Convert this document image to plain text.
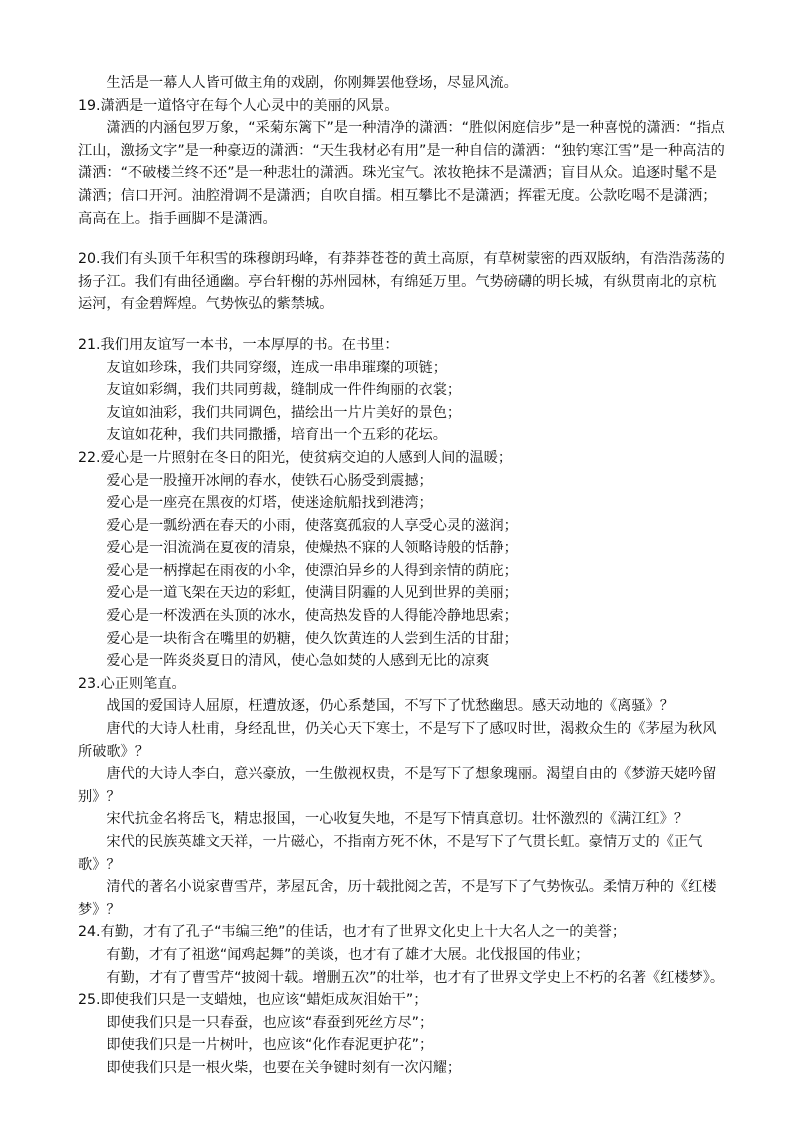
生活是一幕人人皆可做主角的戏剧，你刚舞罢他登场，尽显风流。

19.潇洒是一道恪守在每个人心灵中的美丽的风景。

潇洒的内涵包罗万象，“采菊东篱下”是一种清净的潇洒：“胜似闲庭信步”是一种喜悦的潇洒：“指点江山，激扬文字”是一种豪迈的潇洒：“天生我材必有用”是一种自信的潇洒：“独钓寒江雪”是一种高洁的潇洒：“不破楼兰终不还”是一种悲壮的潇洒。珠光宝气。浓妆艳抹不是潇洒；盲目从众。追逐时髦不是潇洒；信口开河。油腔滑调不是潇洒；自吹自擂。相互攀比不是潇洒；挥霍无度。公款吃喝不是潇洒；高高在上。指手画脚不是潇洒。

20.我们有头顶千年积雪的珠穆朗玛峰，有莽莽苍苍的黄土高原，有草树蒙密的西双版纳，有浩浩荡荡的扬子江。我们有曲径通幽。亭台轩榭的苏州园林，有绵延万里。气势磅礴的明长城，有纵贯南北的京杭运河，有金碧辉煌。气势恢弘的紫禁城。

21.我们用友谊写一本书，一本厚厚的书。在书里：

友谊如珍珠，我们共同穿缀，连成一串串璀璨的项链；

友谊如彩绸，我们共同剪裁，缝制成一件件绚丽的衣裳；

友谊如油彩，我们共同调色，描绘出一片片美好的景色；

友谊如花种，我们共同撒播，培育出一个五彩的花坛。

22.爱心是一片照射在冬日的阳光，使贫病交迫的人感到人间的温暖；

爱心是一股撞开冰闸的春水，使铁石心肠受到震撼；

爱心是一座亮在黑夜的灯塔，使迷途航船找到港湾；

爱心是一瓢纷洒在春天的小雨，使落寞孤寂的人享受心灵的滋润；

爱心是一泪流淌在夏夜的清泉，使燥热不寐的人领略诗般的恬静；

爱心是一柄撑起在雨夜的小伞，使漂泊异乡的人得到亲情的荫庇；

爱心是一道飞架在天边的彩虹，使满目阴霾的人见到世界的美丽；

爱心是一杯泼洒在头顶的冰水，使高热发昏的人得能冷静地思索；

爱心是一块衔含在嘴里的奶糖，使久饮黄连的人尝到生活的甘甜；

爱心是一阵炎炎夏日的清风，使心急如焚的人感到无比的凉爽

23.心正则笔直。

战国的爱国诗人屈原，枉遭放逐，仍心系楚国，不写下了忧愁幽思。感天动地的《离骚》？

唐代的大诗人杜甫，身经乱世，仍关心天下寒士，不是写下了感叹时世，渴救众生的《茅屋为秋风所破歌》？

唐代的大诗人李白，意兴豪放，一生傲视权贵，不是写下了想象瑰丽。渴望自由的《梦游天姥吟留别》？

宋代抗金名将岳飞，精忠报国，一心收复失地，不是写下情真意切。壮怀激烈的《满江红》？

宋代的民族英雄文天祥，一片磁心，不指南方死不休，不是写下了气贯长虹。豪情万丈的《正气歌》？

清代的著名小说家曹雪芹，茅屋瓦舍，历十载批阅之苦，不是写下了气势恢弘。柔情万种的《红楼梦》？

24.有勤，才有了孔子“韦编三绝”的佳话，也才有了世界文化史上十大名人之一的美誉；

有勤，才有了祖逖“闻鸡起舞”的美谈，也才有了雄才大展。北伐报国的伟业；

有勤，才有了曹雪芹“披阅十载。增删五次”的壮举，也才有了世界文学史上不朽的名著《红楼梦》。

25.即使我们只是一支蜡烛，也应该“蜡炬成灰泪始干”；

即使我们只是一只春蚕，也应该“春蚕到死丝方尽”；

即使我们只是一片树叶，也应该“化作春泥更护花”；

即使我们只是一根火柴，也要在关争键时刻有一次闪耀；
